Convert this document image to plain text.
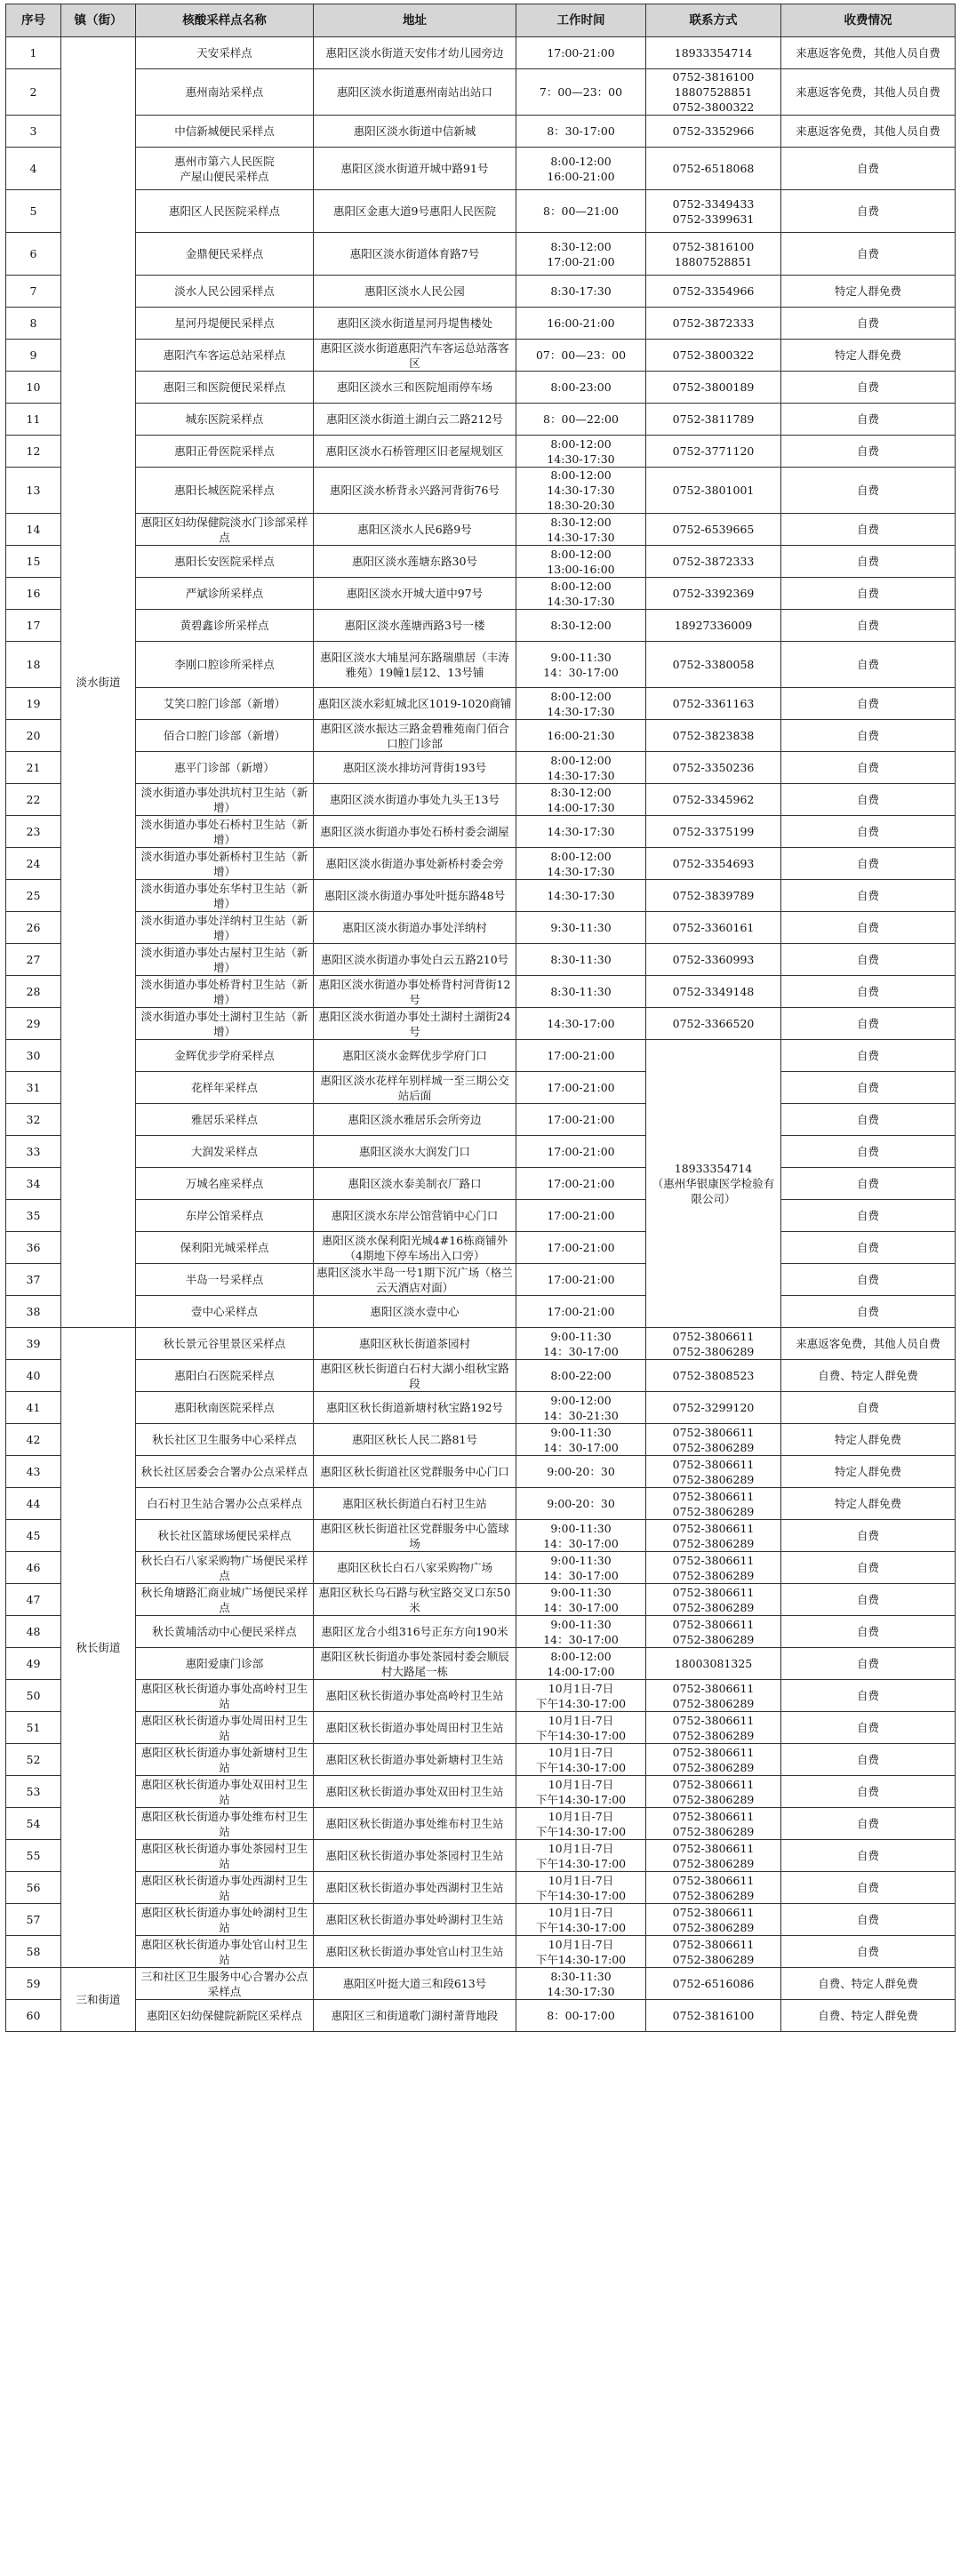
序号	镇（街）	核酸采样点名称	地址	工作时间	联系方式	收费情况
1	淡水街道	天安采样点	惠阳区淡水街道天安伟才幼儿园旁边	17:00-21:00	18933354714	来惠返客免费，其他人员自费
2		惠州南站采样点	惠阳区淡水街道惠州南站出站口	7：00—23：00	0752-3816100
18807528851
0752-3800322	来惠返客免费，其他人员自费
3		中信新城便民采样点	惠阳区淡水街道中信新城	8：30-17:00	0752-3352966	来惠返客免费，其他人员自费
4		惠州市第六人民医院
产屋山便民采样点	惠阳区淡水街道开城中路91号	8:00-12:00
16:00-21:00	0752-6518068	自费
5		惠阳区人民医院采样点	惠阳区金惠大道9号惠阳人民医院	8：00—21:00	0752-3349433
0752-3399631	自费
6		金鼎便民采样点	惠阳区淡水街道体育路7号	8:30-12:00
17:00-21:00	0752-3816100
18807528851	自费
7		淡水人民公园采样点	惠阳区淡水人民公园	8:30-17:30	0752-3354966	特定人群免费
8		星河丹堤便民采样点	惠阳区淡水街道星河丹堤售楼处	16:00-21:00	0752-3872333	自费
9		惠阳汽车客运总站采样点	惠阳区淡水街道惠阳汽车客运总站落客区	07：00—23：00	0752-3800322	特定人群免费
10		惠阳三和医院便民采样点	惠阳区淡水三和医院旭雨停车场	8:00-23:00	0752-3800189	自费
11		城东医院采样点	惠阳区淡水街道土湖白云二路212号	8：00—22:00	0752-3811789	自费
12		惠阳正骨医院采样点	惠阳区淡水石桥管理区旧老屋规划区	8:00-12:00
14:30-17:30	0752-3771120	自费
13		惠阳长城医院采样点	惠阳区淡水桥背永兴路河背街76号	8:00-12:00
14:30-17:30
18:30-20:30	0752-3801001	自费
14		惠阳区妇幼保健院淡水门诊部采样点	惠阳区淡水人民6路9号	8:30-12:00
14:30-17:30	0752-6539665	自费
15		惠阳长安医院采样点	惠阳区淡水莲塘东路30号	8:00-12:00
13:00-16:00	0752-3872333	自费
16		严斌诊所采样点	惠阳区淡水开城大道中97号	8:00-12:00
14:30-17:30	0752-3392369	自费
17		黄碧鑫诊所采样点	惠阳区淡水莲塘西路3号一楼	8:30-12:00	18927336009	自费
18		李刚口腔诊所采样点	惠阳区淡水大埔星河东路瑞鼎居（丰涛雅苑）19幢1层12、13号铺	9:00-11:30
14：30-17:00	0752-3380058	自费
19		艾笑口腔门诊部（新增）	惠阳区淡水彩虹城北区1019-1020商铺	8:00-12:00
14:30-17:30	0752-3361163	自费
20		佰合口腔门诊部（新增）	惠阳区淡水振达三路金碧雅苑南门佰合口腔门诊部	16:00-21:30	0752-3823838	自费
21		惠平门诊部（新增）	惠阳区淡水排坊河背街193号	8:00-12:00
14:30-17:30	0752-3350236	自费
22		淡水街道办事处洪坑村卫生站（新增）	惠阳区淡水街道办事处九头王13号	8:30-12:00
14:00-17:30	0752-3345962	自费
23		淡水街道办事处石桥村卫生站（新增）	惠阳区淡水街道办事处石桥村委会湖屋	14:30-17:30	0752-3375199	自费
24		淡水街道办事处新桥村卫生站（新增）	惠阳区淡水街道办事处新桥村委会旁	8:00-12:00
14:30-17:30	0752-3354693	自费
25		淡水街道办事处东华村卫生站（新增）	惠阳区淡水街道办事处叶挺东路48号	14:30-17:30	0752-3839789	自费
26		淡水街道办事处洋纳村卫生站（新增）	惠阳区淡水街道办事处洋纳村	9:30-11:30	0752-3360161	自费
27		淡水街道办事处古屋村卫生站（新增）	惠阳区淡水街道办事处白云五路210号	8:30-11:30	0752-3360993	自费
28		淡水街道办事处桥背村卫生站（新增）	惠阳区淡水街道办事处桥背村河背街12号	8:30-11:30	0752-3349148	自费
29		淡水街道办事处土湖村卫生站（新增）	惠阳区淡水街道办事处土湖村土湖街24号	14:30-17:00	0752-3366520	自费
30		金辉优步学府采样点	惠阳区淡水金辉优步学府门口	17:00-21:00	18933354714
（惠州华银康医学检验有限公司）	自费
31		花样年采样点	惠阳区淡水花样年别样城一至三期公交站后面	17:00-21:00		自费
32		雅居乐采样点	惠阳区淡水雅居乐会所旁边	17:00-21:00		自费
33		大润发采样点	惠阳区淡水大润发门口	17:00-21:00		自费
34		万城名座采样点	惠阳区淡水泰美制衣厂路口	17:00-21:00		自费
35		东岸公馆采样点	惠阳区淡水东岸公馆营销中心门口	17:00-21:00		自费
36		保利阳光城采样点	惠阳区淡水保利阳光城4#16栋商铺外（4期地下停车场出入口旁）	17:00-21:00		自费
37		半岛一号采样点	惠阳区淡水半岛一号1期下沉广场（格兰云天酒店对面）	17:00-21:00		自费
38		壹中心采样点	惠阳区淡水壹中心	17:00-21:00		自费
39	秋长街道	秋长景元谷里景区采样点	惠阳区秋长街道茶园村	9:00-11:30
14：30-17:00	0752-3806611
0752-3806289	来惠返客免费，其他人员自费
40		惠阳白石医院采样点	惠阳区秋长街道白石村大湖小组秋宝路段	8:00-22:00	0752-3808523	自费、特定人群免费
41		惠阳秋南医院采样点	惠阳区秋长街道新塘村秋宝路192号	9:00-12:00
14：30-21:30	0752-3299120	自费
42		秋长社区卫生服务中心采样点	惠阳区秋长人民二路81号	9:00-11:30
14：30-17:00	0752-3806611
0752-3806289	特定人群免费
43		秋长社区居委会合署办公点采样点	惠阳区秋长街道社区党群服务中心门口	9:00-20：30	0752-3806611
0752-3806289	特定人群免费
44		白石村卫生站合署办公点采样点	惠阳区秋长街道白石村卫生站	9:00-20：30	0752-3806611
0752-3806289	特定人群免费
45		秋长社区篮球场便民采样点	惠阳区秋长街道社区党群服务中心篮球场	9:00-11:30
14：30-17:00	0752-3806611
0752-3806289	自费
46		秋长白石八家采购物广场便民采样点	惠阳区秋长白石八家采购物广场	9:00-11:30
14：30-17:00	0752-3806611
0752-3806289	自费
47		秋长角塘路汇商业城广场便民采样点	惠阳区秋长乌石路与秋宝路交叉口东50米	9:00-11:30
14：30-17:00	0752-3806611
0752-3806289	自费
48		秋长黄埔活动中心便民采样点	惠阳区龙合小组316号正东方向190米	9:00-11:30
14：30-17:00	0752-3806611
0752-3806289	自费
49		惠阳爱康门诊部	惠阳区秋长街道办事处茶园村委会顺辰村大路尾一栋	8:00-12:00
14:00-17:00	18003081325	自费
50		惠阳区秋长街道办事处高岭村卫生站	惠阳区秋长街道办事处高岭村卫生站	10月1日-7日
下午14:30-17:00	0752-3806611
0752-3806289	自费
51		惠阳区秋长街道办事处周田村卫生站	惠阳区秋长街道办事处周田村卫生站	10月1日-7日
下午14:30-17:00	0752-3806611
0752-3806289	自费
52		惠阳区秋长街道办事处新塘村卫生站	惠阳区秋长街道办事处新塘村卫生站	10月1日-7日
下午14:30-17:00	0752-3806611
0752-3806289	自费
53		惠阳区秋长街道办事处双田村卫生站	惠阳区秋长街道办事处双田村卫生站	10月1日-7日
下午14:30-17:00	0752-3806611
0752-3806289	自费
54		惠阳区秋长街道办事处维布村卫生站	惠阳区秋长街道办事处维布村卫生站	10月1日-7日
下午14:30-17:00	0752-3806611
0752-3806289	自费
55		惠阳区秋长街道办事处茶园村卫生站	惠阳区秋长街道办事处茶园村卫生站	10月1日-7日
下午14:30-17:00	0752-3806611
0752-3806289	自费
56		惠阳区秋长街道办事处西湖村卫生站	惠阳区秋长街道办事处西湖村卫生站	10月1日-7日
下午14:30-17:00	0752-3806611
0752-3806289	自费
57		惠阳区秋长街道办事处岭湖村卫生站	惠阳区秋长街道办事处岭湖村卫生站	10月1日-7日
下午14:30-17:00	0752-3806611
0752-3806289	自费
58		惠阳区秋长街道办事处官山村卫生站	惠阳区秋长街道办事处官山村卫生站	10月1日-7日
下午14:30-17:00	0752-3806611
0752-3806289	自费
59	三和街道	三和社区卫生服务中心合署办公点采样点	惠阳区叶挺大道三和段613号	8:30-11:30
14:30-17:30	0752-6516086	自费、特定人群免费
60		惠阳区妇幼保健院新院区采样点	惠阳区三和街道歌门湖村萧背地段	8：00-17:00	0752-3816100	自费、特定人群免费
